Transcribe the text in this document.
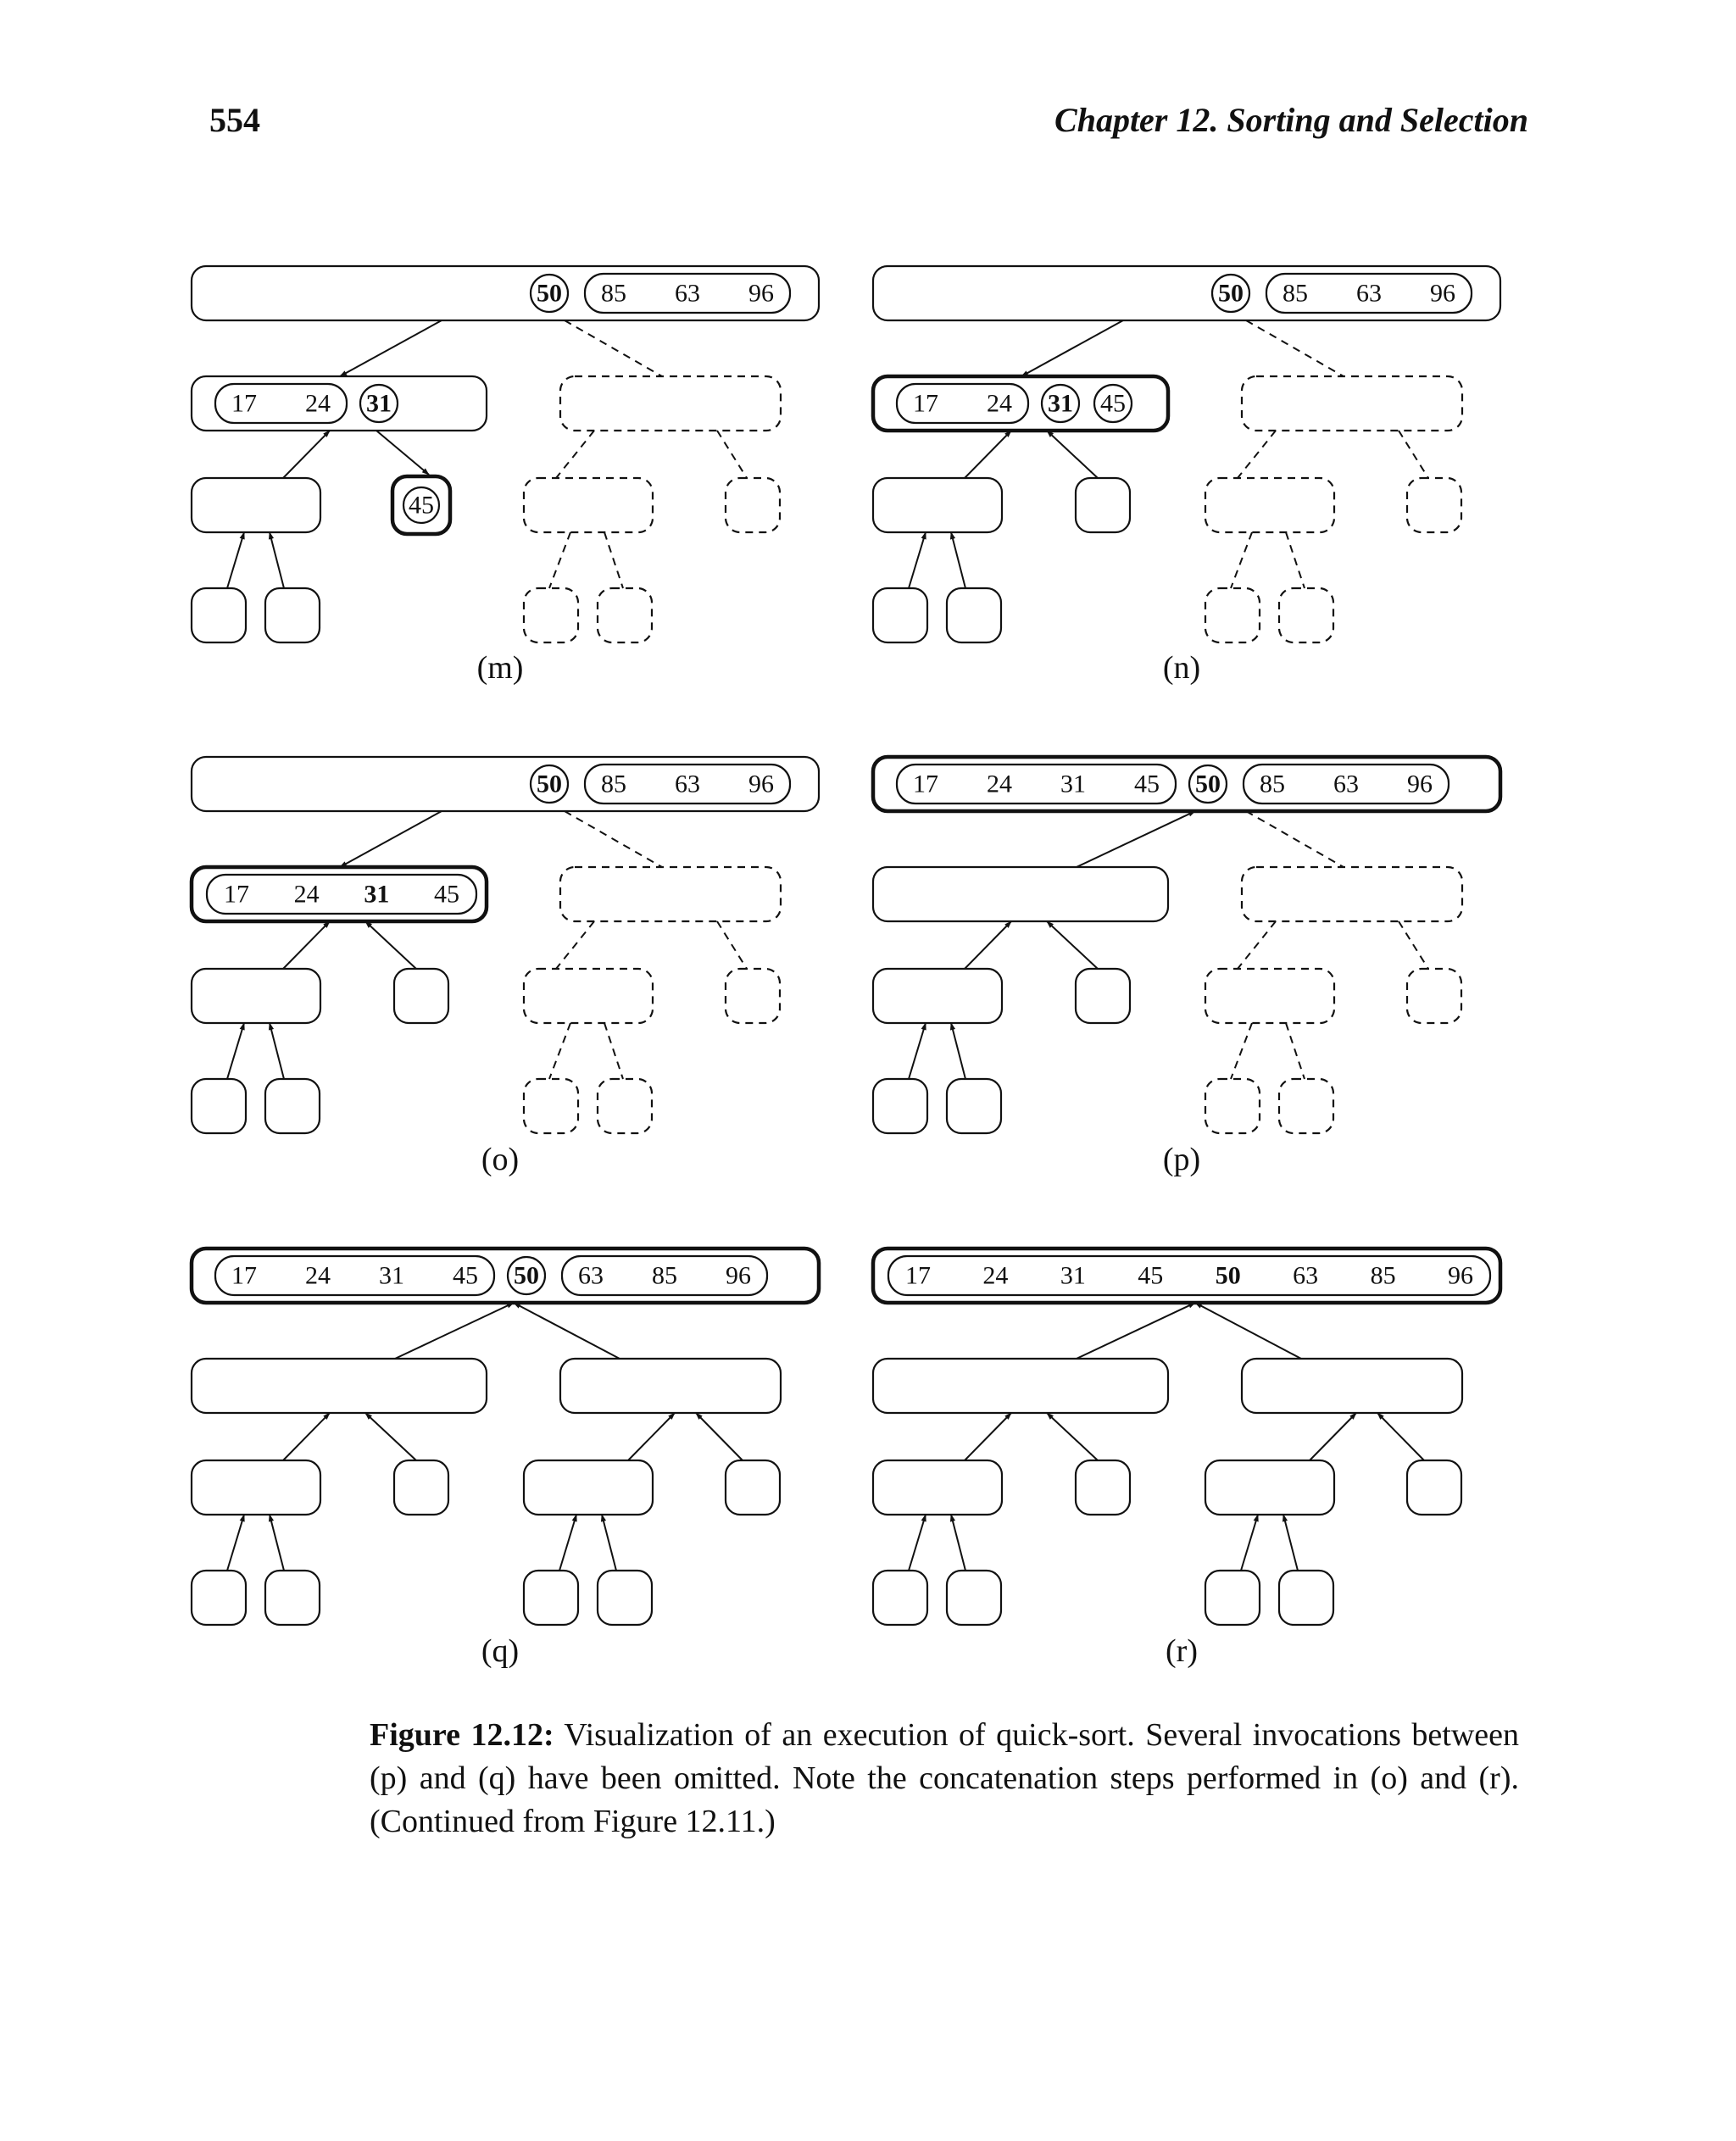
554	Chapter 12. Sorting and Selection
50 85 63 96
17 24 31
45
(m)
50 85 63 96
17 24 31 45
(n)
50 85 63 96
17 24 31 45
(o)
17 24 31 45 50 85 63 96
(p)
17 24 31 45 50 63 85 96
(q)
17 24 31 45 50 63 85 96
(r)
Figure 12.12: Visualization of an execution of quick-sort. Several invocations between (p) and (q) have been omitted. Note the concatenation steps performed in (o) and (r). (Continued from Figure 12.11.)
